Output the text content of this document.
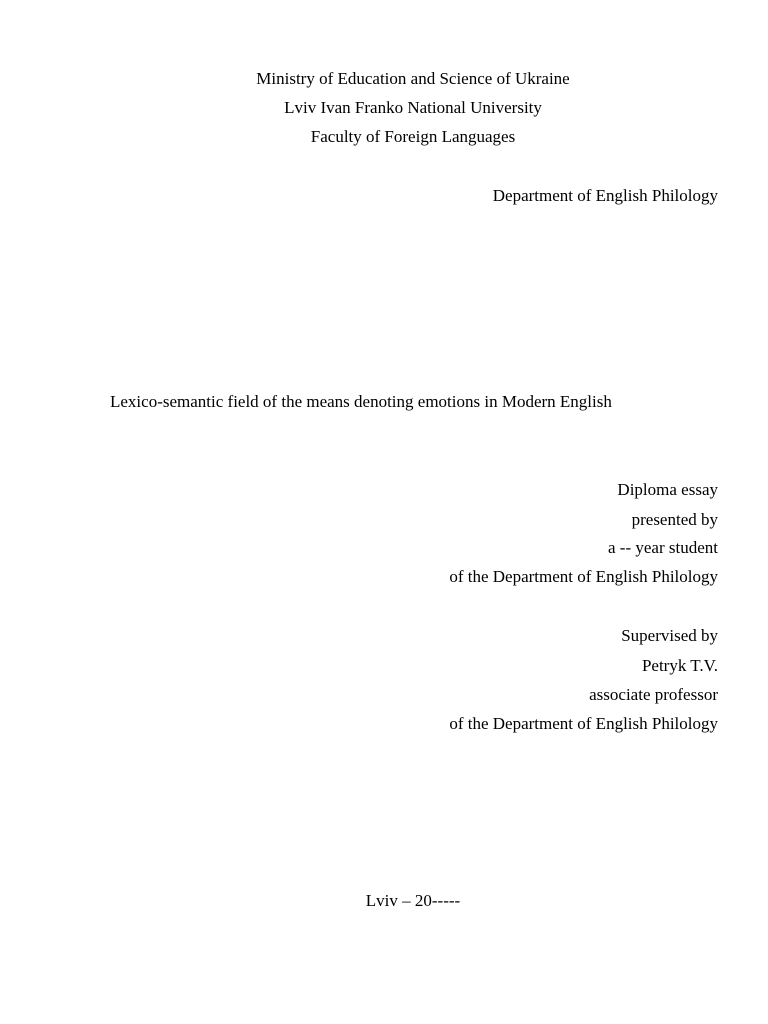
Ministry of Education and Science of Ukraine
Lviv Ivan Franko National University
Faculty of Foreign Languages
Department of English Philology
Lexico-semantic field of the means denoting emotions in Modern English
Diploma essay
presented by
a -- year student
of the Department of English Philology
Supervised by
Petryk T.V.
associate professor
of the Department of English Philology
Lviv – 20-----
